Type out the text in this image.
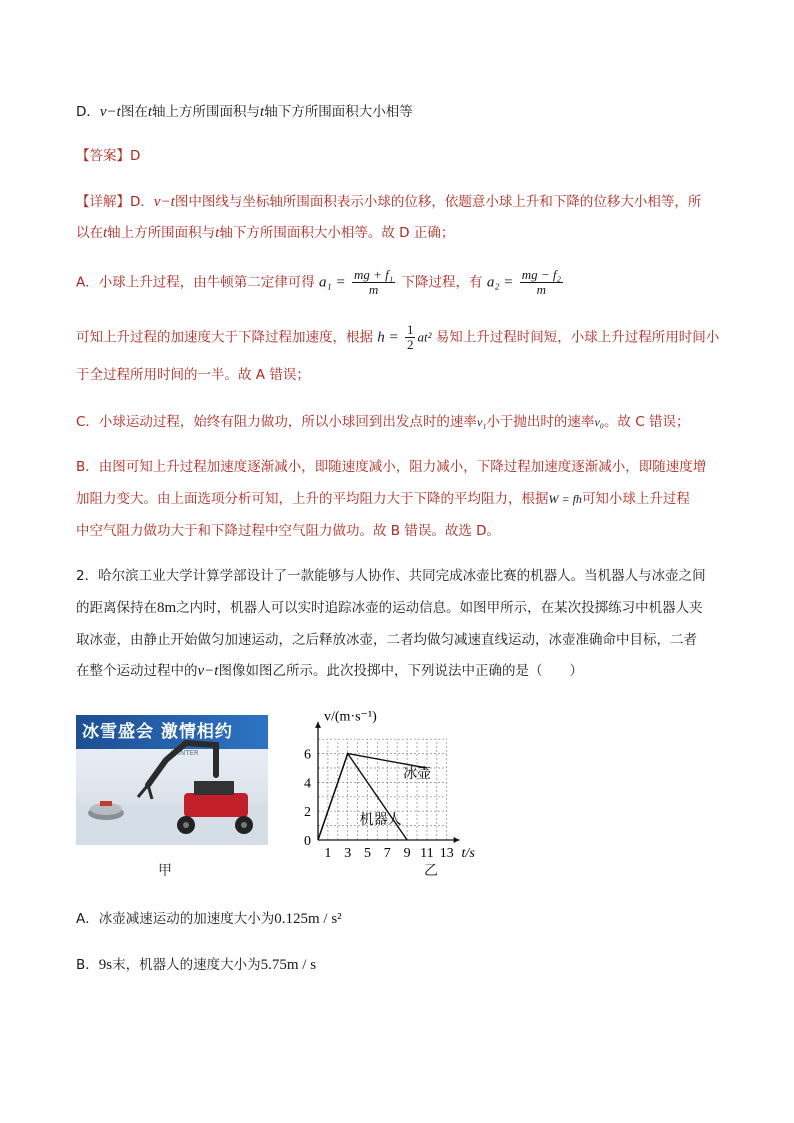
D．v−t图在t轴上方所围面积与t轴下方所围面积大小相等
【答案】D
【详解】D．v−t图中图线与坐标轴所围面积表示小球的位移，依题意小球上升和下降的位移大小相等，所
以在t轴上方所围面积与t轴下方所围面积大小相等。故 D 正确；
A．小球上升过程，由牛顿第二定律可得 $a_1 = \frac{\text{mg + f₁}}{m}$ 下降过程，有 $a_2 = \frac{\text{mg − f₂}}{m}$
可知上升过程的加速度大于下降过程加速度，根据 $h = \frac{1}{2} at^2$ 易知上升过程时间短，小球上升过程所用时间小
于全过程所用时间的一半。故 A 错误；
C．小球运动过程，始终有阻力做功，所以小球回到出发点时的速率v₁小于抛出时的速率v₀。故 C 错误；
B．由图可知上升过程加速度逐渐减小，即随速度减小，阻力减小，下降过程加速度逐渐减小，即随速度增
加阻力变大。由上面选项分析可知，上升的平均阻力大于下降的平均阻力，根据W = fh可知小球上升过程
中空气阻力做功大于和下降过程中空气阻力做功。故 B 错误。故选 D。
2．哈尔滨工业大学计算学部设计了一款能够与人协作、共同完成冰壶比赛的机器人。当机器人与冰壶之间
的距离保持在8m之内时，机器人可以实时追踪冰壶的运动信息。如图甲所示，在某次投掷练习中机器人夹
取冰壶，由静止开始做匀加速运动，之后释放冰壶，二者均做匀减速直线运动，冰壶准确命中目标，二者
在整个运动过程中的v−t图像如图乙所示。此次投掷中，下列说法中正确的是（　　）
冰雪盛会 激情相约
WINTER
甲
1 3 5 7 9 11 13
0
2
4
6
v/(m·s⁻¹)
t/s
冰壶
机器人
乙
A．冰壶减速运动的加速度大小为0.125m / s²
B．9s末，机器人的速度大小为5.75m / s
